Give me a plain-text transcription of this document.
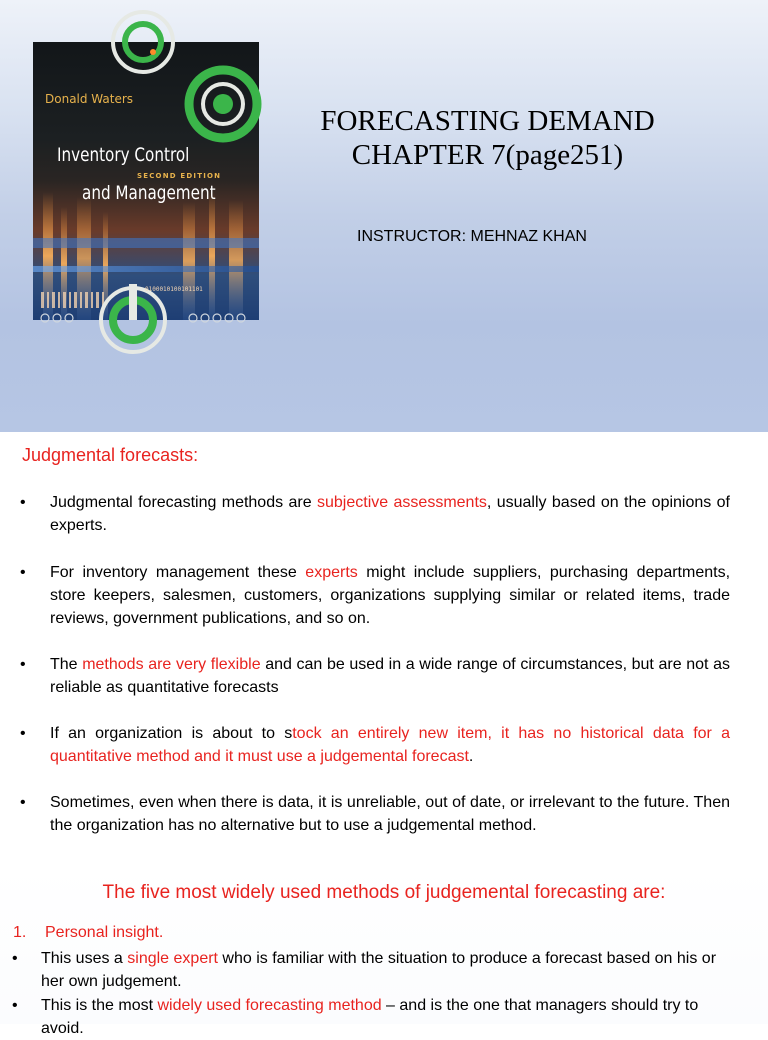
Donald Waters
Inventory Control
SECOND EDITION
and Management
0100010100101101
FORECASTING DEMAND
CHAPTER 7(page251)
INSTRUCTOR: MEHNAZ KHAN
Judgmental forecasts:
• Judgmental forecasting methods are subjective assessments, usually based on the opinions of experts.
• For inventory management these experts might include suppliers, purchasing departments, store keepers, salesmen, customers, organizations supplying similar or related items, trade reviews, government publications, and so on.
• The methods are very flexible and can be used in a wide range of circumstances, but are not as reliable as quantitative forecasts
• If an organization is about to stock an entirely new item, it has no historical data for a quantitative method and it must use a judgemental forecast.
• Sometimes, even when there is data, it is unreliable, out of date, or irrelevant to the future. Then the organization has no alternative but to use a judgemental method.
The five most widely used methods of judgemental forecasting are:
1. Personal insight.
• This uses a single expert who is familiar with the situation to produce a forecast based on his or her own judgement.
• This is the most widely used forecasting method – and is the one that managers should try to avoid.
